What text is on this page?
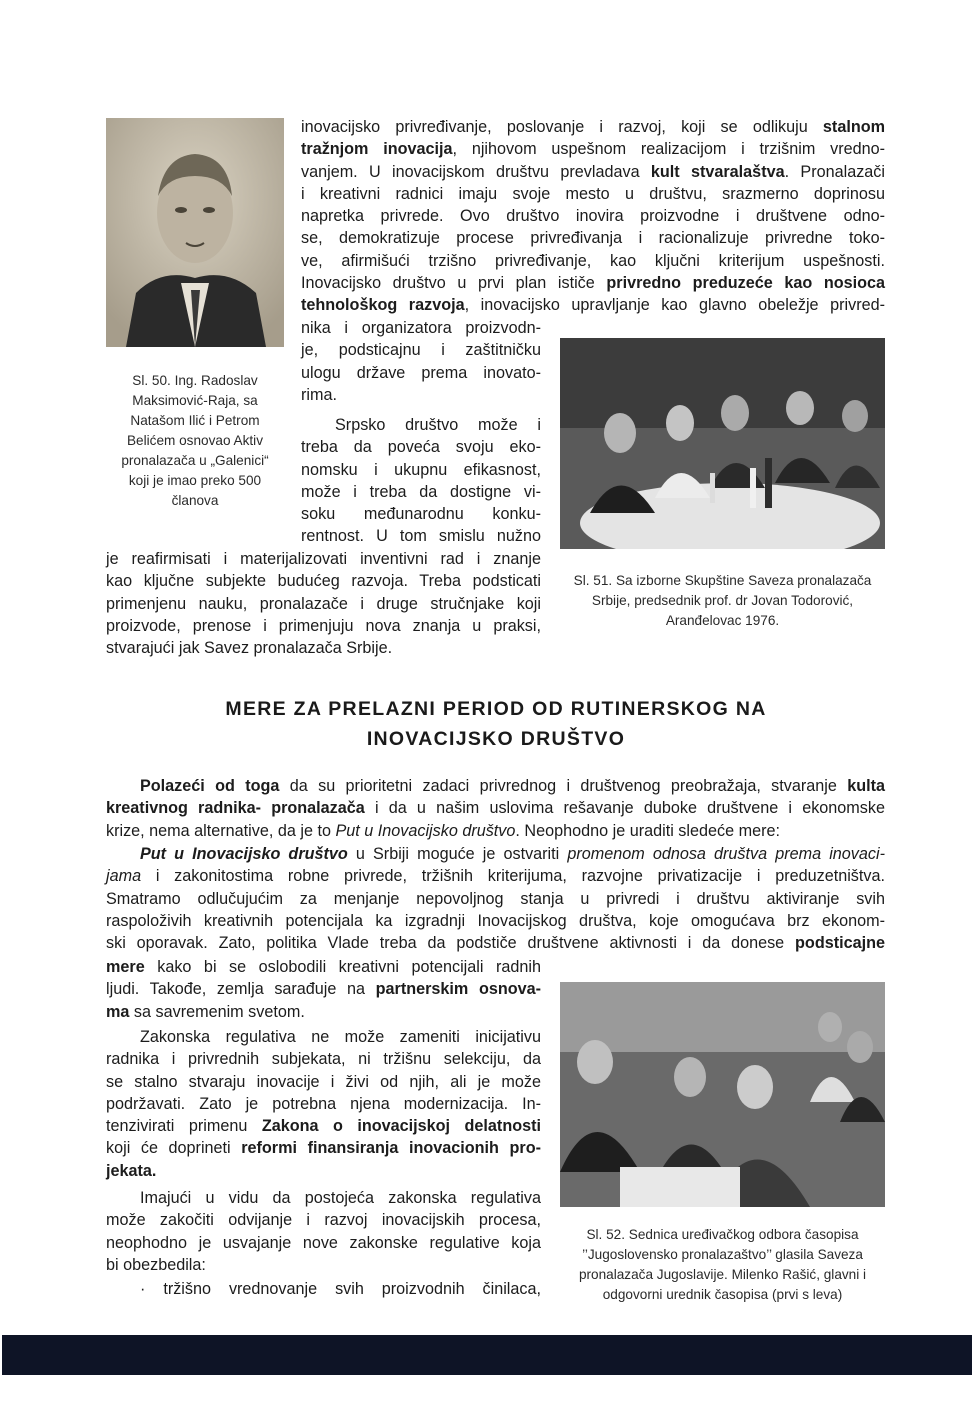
Sl. 50. Ing. Radoslav

Maksimović-Raja, sa

Natašom Ilić i Petrom

Belićem osnovao Aktiv

pronalazača u „Galenici“

koji je imao preko 500

članova

inovacijsko privređivanje, poslovanje i razvoj, koji se odlikuju stalnom

tražnjom inovacija, njihovom uspešnom realizacijom i trzišnim vredno-

vanjem. U inovacijskom društvu prevladava kult stvaralaštva. Pronalazači

i kreativni radnici imaju svoje mesto u društvu, srazmerno doprinosu

napretka privrede. Ovo društvo inovira proizvodne i društvene odno-

se, demokratizuje procese privređivanja i racionalizuje privredne toko-

ve, afirmišući trzišno privređivanje, kao ključni kriterijum uspešnosti.

Inovacijsko društvo u prvi plan ističe privredno preduzeće kao nosioca

tehnološkog razvoja, inovacijsko upravljanje kao glavno obeležje privred-

nika i organizatora proizvodn-

je, podsticajnu i zaštitničku

ulogu države prema inovato-

rima.

Srpsko društvo može i

treba da poveća svoju eko-

nomsku i ukupnu efikasnost,

može i treba da dostigne vi-

soku međunarodnu konku-

rentnost. U tom smislu nužno

je reafirmisati i materijalizovati inventivni rad i znanje

kao ključne subjekte budućeg razvoja. Treba podsticati

primenjenu nauku, pronalazače i druge stručnjake koji

proizvode, prenose i primenjuju nova znanja u praksi,

stvarajući jak Savez pronalazača Srbije.

Sl. 51. Sa izborne Skupštine Saveza pronalazača

Srbije, predsednik prof. dr Jovan Todorović,

Aranđelovac 1976.

MERE ZA PRELAZNI PERIOD OD RUTINERSKOG NA
INOVACIJSKO DRUŠTVO

Polazeći od toga da su prioritetni zadaci privrednog i društvenog preobražaja, stvaranje kulta

kreativnog radnika- pronalazača i da u našim uslovima rešavanje duboke društvene i ekonomske

krize, nema alternative, da je to Put u Inovacijsko društvo. Neophodno je uraditi sledeće mere:

Put u Inovacijsko društvo u Srbiji moguće je ostvariti promenom odnosa društva prema inovaci-

jama i zakonitostima robne privrede, tržišnih kriterijuma, razvojne privatizacije i preduzetništva.

Smatramo odlučujućim za menjanje nepovoljnog stanja u privredi i društvu aktiviranje svih

raspoloživih kreativnih potencijala ka izgradnji Inovacijskog društva, koje omogućava brz ekonom-

ski oporavak. Zato, politika Vlade treba da podstiče društvene aktivnosti i da donese podsticajne

mere kako bi se oslobodili kreativni potencijali radnih

ljudi. Takođe, zemlja sarađuje na partnerskim osnova-

ma sa savremenim svetom.

Zakonska regulativa ne može zameniti inicijativu

radnika i privrednih subjekata, ni tržišnu selekciju, da

se stalno stvaraju inovacije i živi od njih, ali je može

podržavati. Zato je potrebna njena modernizacija. In-

tenzivirati primenu Zakona o inovacijskoj delatnosti

koji će doprineti reformi finansiranja inovacionih pro-

jekata.

Imajući u vidu da postojeća zakonska regulativa

može zakočiti odvijanje i razvoj inovacijskih procesa,

neophodno je usvajanje nove zakonske regulative koja

bi obezbedila:

· tržišno vrednovanje svih proizvodnih činilaca,

Sl. 52. Sednica uređivačkog odbora časopisa

’’Jugoslovensko pronalazaštvo’’ glasila Saveza

pronalazača Jugoslavije. Milenko Rašić, glavni i

odgovorni urednik časopisa (prvi s leva)
